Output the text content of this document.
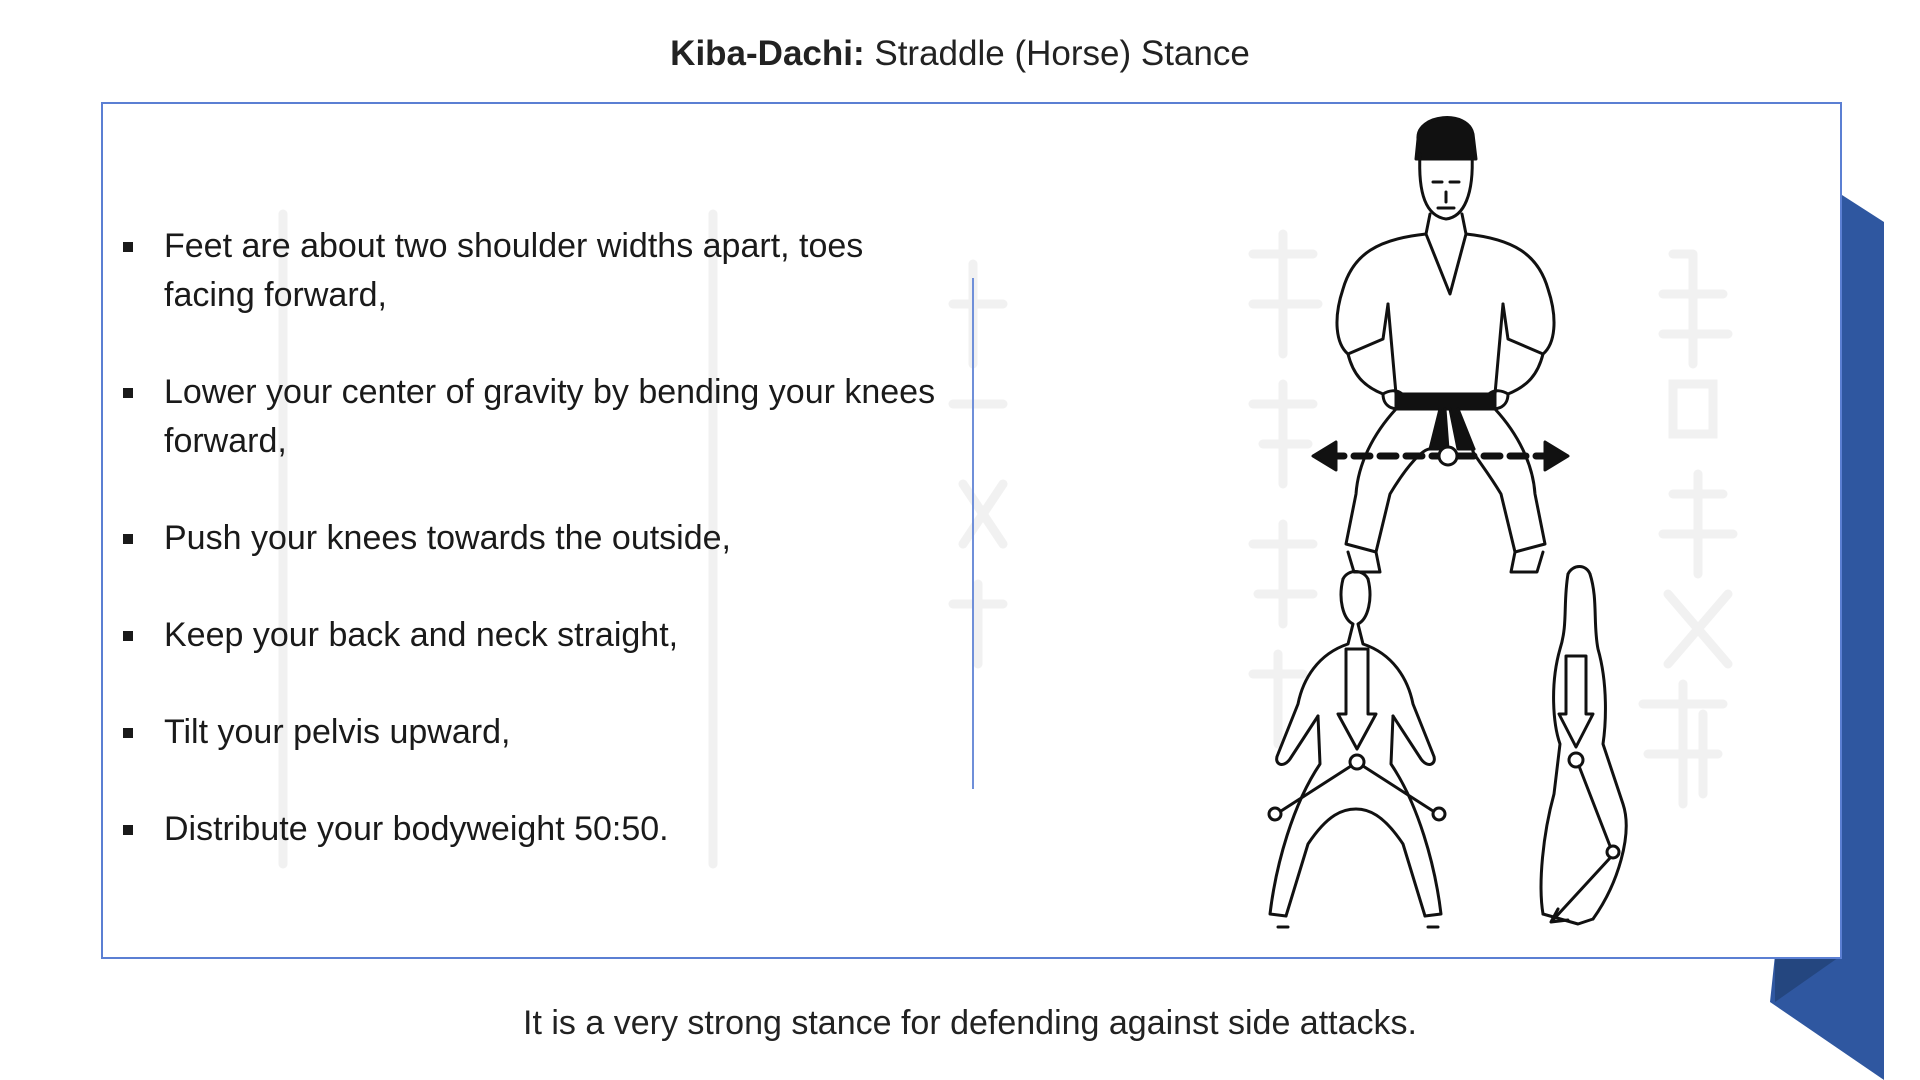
Kiba-Dachi: Straddle (Horse) Stance
Feet are about two shoulder widths apart, toes facing forward,
Lower your center of gravity by bending your knees forward,
Push your knees towards the outside,
Keep your back and neck straight,
Tilt your pelvis upward,
Distribute your bodyweight 50:50.
It is a very strong stance for defending against side attacks.
